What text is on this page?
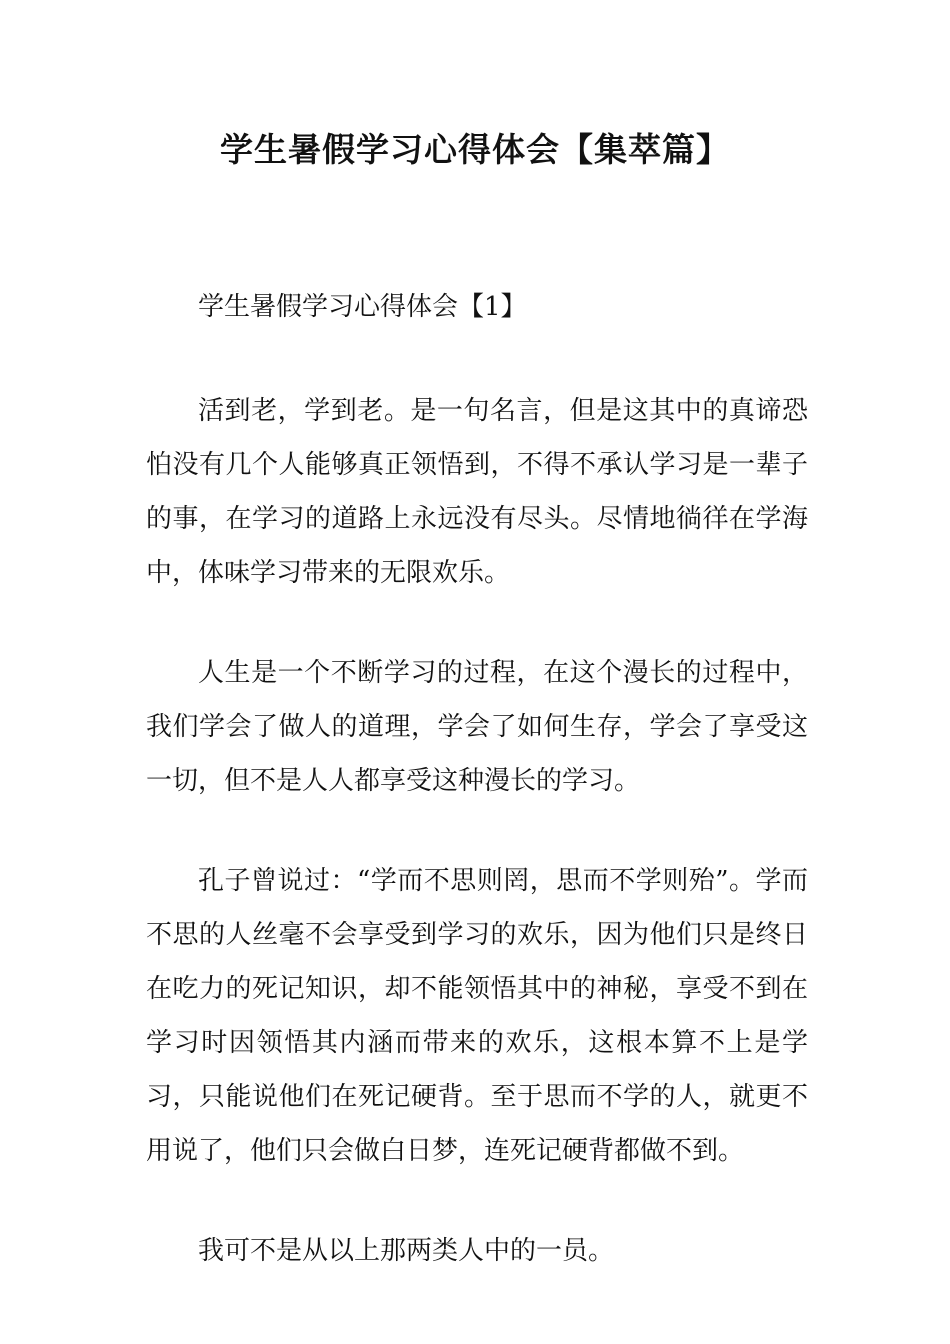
学生暑假学习心得体会【集萃篇】

学生暑假学习心得体会【1】

活到老，学到老。是一句名言，但是这其中的真谛恐怕没有几个人能够真正领悟到，不得不承认学习是一辈子的事，在学习的道路上永远没有尽头。尽情地徜徉在学海中，体味学习带来的无限欢乐。

人生是一个不断学习的过程，在这个漫长的过程中，我们学会了做人的道理，学会了如何生存，学会了享受这一切，但不是人人都享受这种漫长的学习。

孔子曾说过：“学而不思则罔，思而不学则殆”。学而不思的人丝毫不会享受到学习的欢乐，因为他们只是终日在吃力的死记知识，却不能领悟其中的神秘，享受不到在学习时因领悟其内涵而带来的欢乐，这根本算不上是学习，只能说他们在死记硬背。至于思而不学的人，就更不用说了，他们只会做白日梦，连死记硬背都做不到。

我可不是从以上那两类人中的一员。
